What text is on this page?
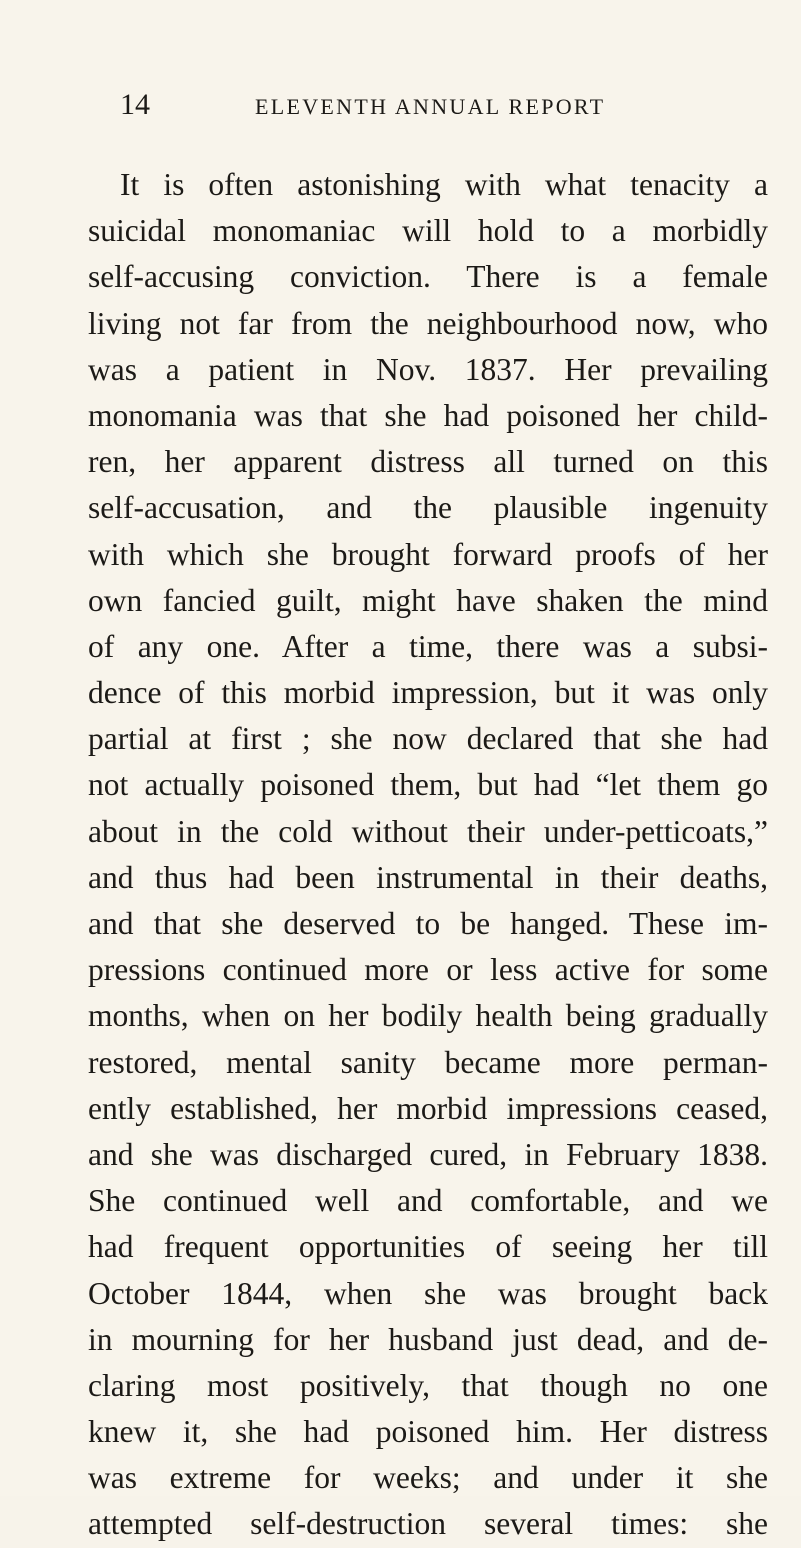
14	ELEVENTH ANNUAL REPORT
It is often astonishing with what tenacity a
suicidal monomaniac will hold to a morbidly
self-accusing conviction. There is a female
living not far from the neighbourhood now, who
was a patient in Nov. 1837. Her prevailing
monomania was that she had poisoned her child-
ren, her apparent distress all turned on this
self-accusation, and the plausible ingenuity
with which she brought forward proofs of her
own fancied guilt, might have shaken the mind
of any one. After a time, there was a subsi-
dence of this morbid impression, but it was only
partial at first ; she now declared that she had
not actually poisoned them, but had “let them go
about in the cold without their under-petticoats,”
and thus had been instrumental in their deaths,
and that she deserved to be hanged. These im-
pressions continued more or less active for some
months, when on her bodily health being gradually
restored, mental sanity became more perman-
ently established, her morbid impressions ceased,
and she was discharged cured, in February 1838.
She continued well and comfortable, and we
had frequent opportunities of seeing her till
October 1844, when she was brought back
in mourning for her husband just dead, and de-
claring most positively, that though no one
knew it, she had poisoned him. Her distress
was extreme for weeks; and under it she
attempted self-destruction several times: she
